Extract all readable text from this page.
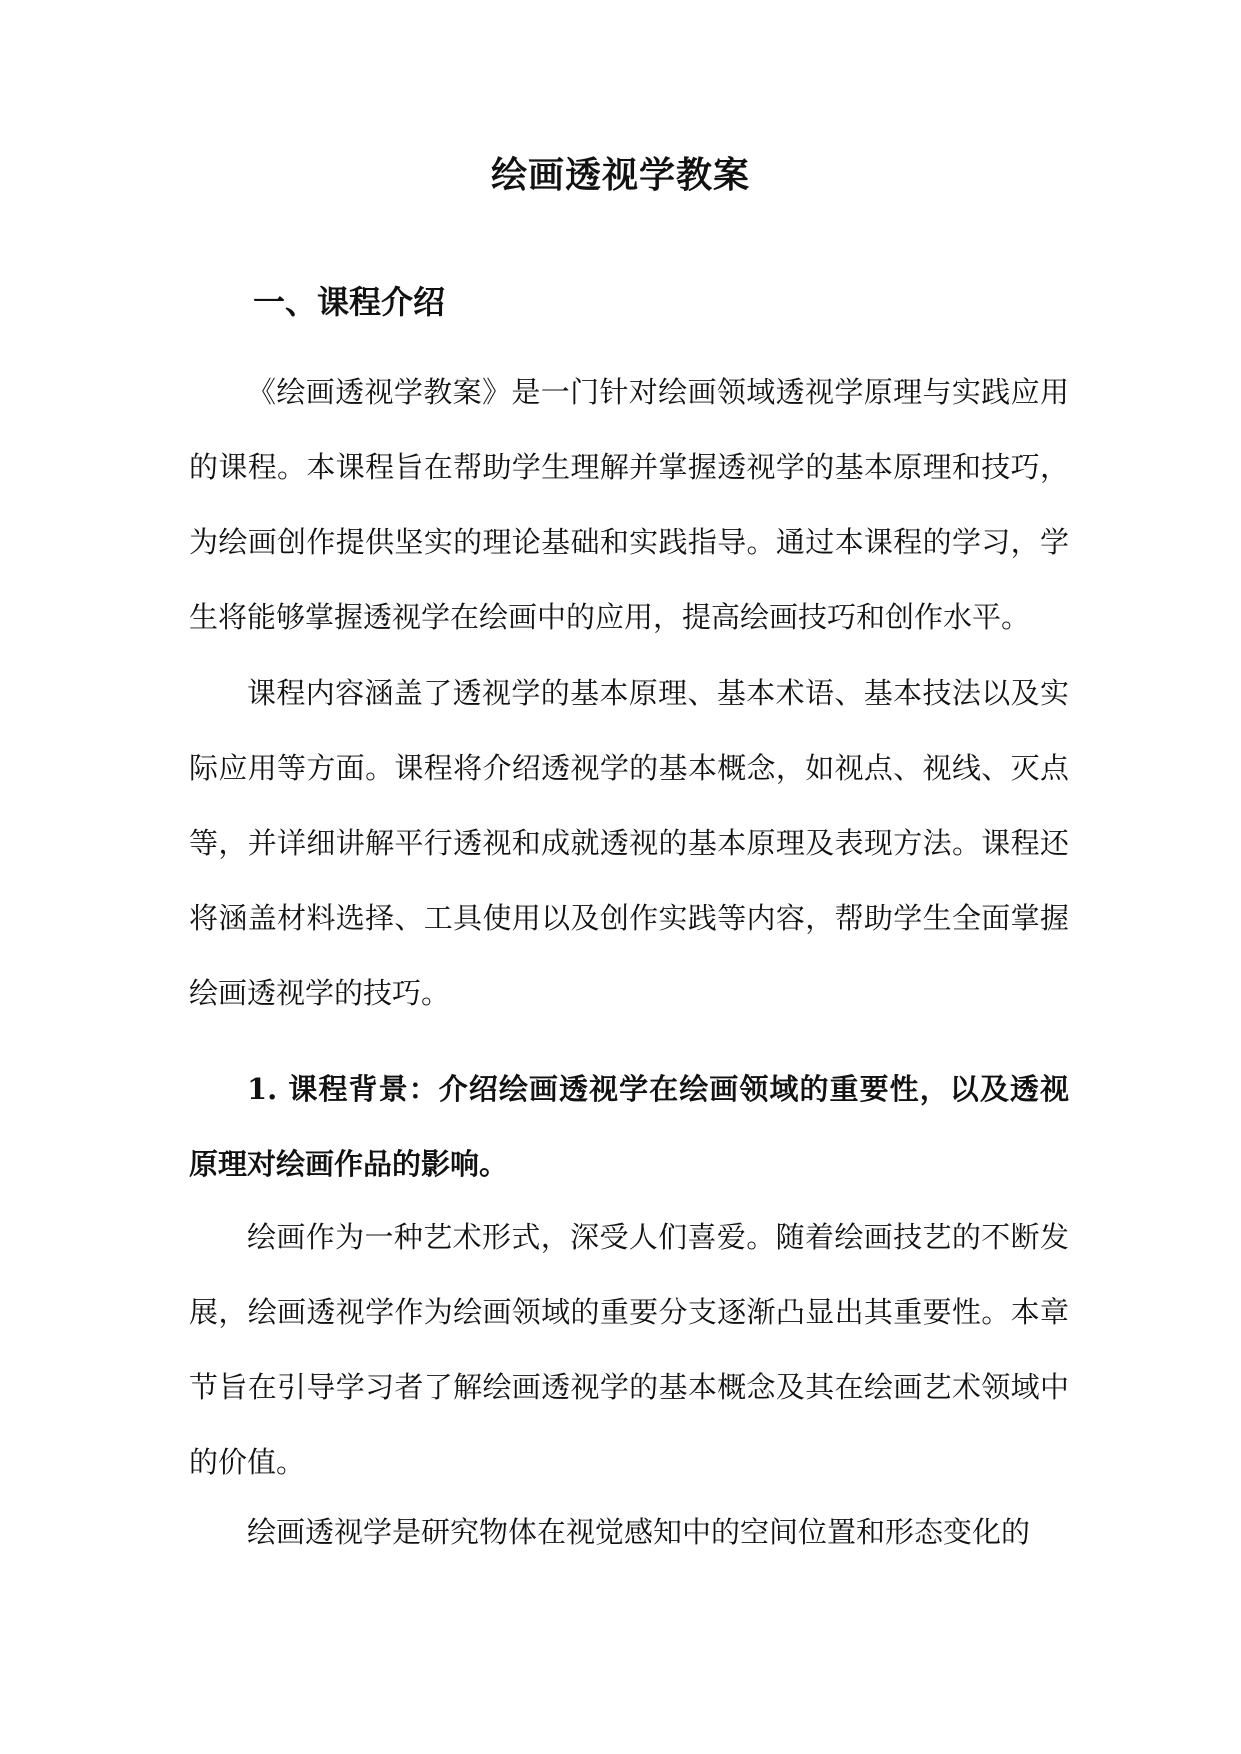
绘画透视学教案
一、课程介绍

《绘画透视学教案》是一门针对绘画领域透视学原理与实践应用的课程。本课程旨在帮助学生理解并掌握透视学的基本原理和技巧，为绘画创作提供坚实的理论基础和实践指导。通过本课程的学习，学生将能够掌握透视学在绘画中的应用，提高绘画技巧和创作水平。

课程内容涵盖了透视学的基本原理、基本术语、基本技法以及实际应用等方面。课程将介绍透视学的基本概念，如视点、视线、灭点等，并详细讲解平行透视和成就透视的基本原理及表现方法。课程还将涵盖材料选择、工具使用以及创作实践等内容，帮助学生全面掌握绘画透视学的技巧。

1. 课程背景：介绍绘画透视学在绘画领域的重要性，以及透视原理对绘画作品的影响。

绘画作为一种艺术形式，深受人们喜爱。随着绘画技艺的不断发展，绘画透视学作为绘画领域的重要分支逐渐凸显出其重要性。本章节旨在引导学习者了解绘画透视学的基本概念及其在绘画艺术领域中的价值。

绘画透视学是研究物体在视觉感知中的空间位置和形态变化的
